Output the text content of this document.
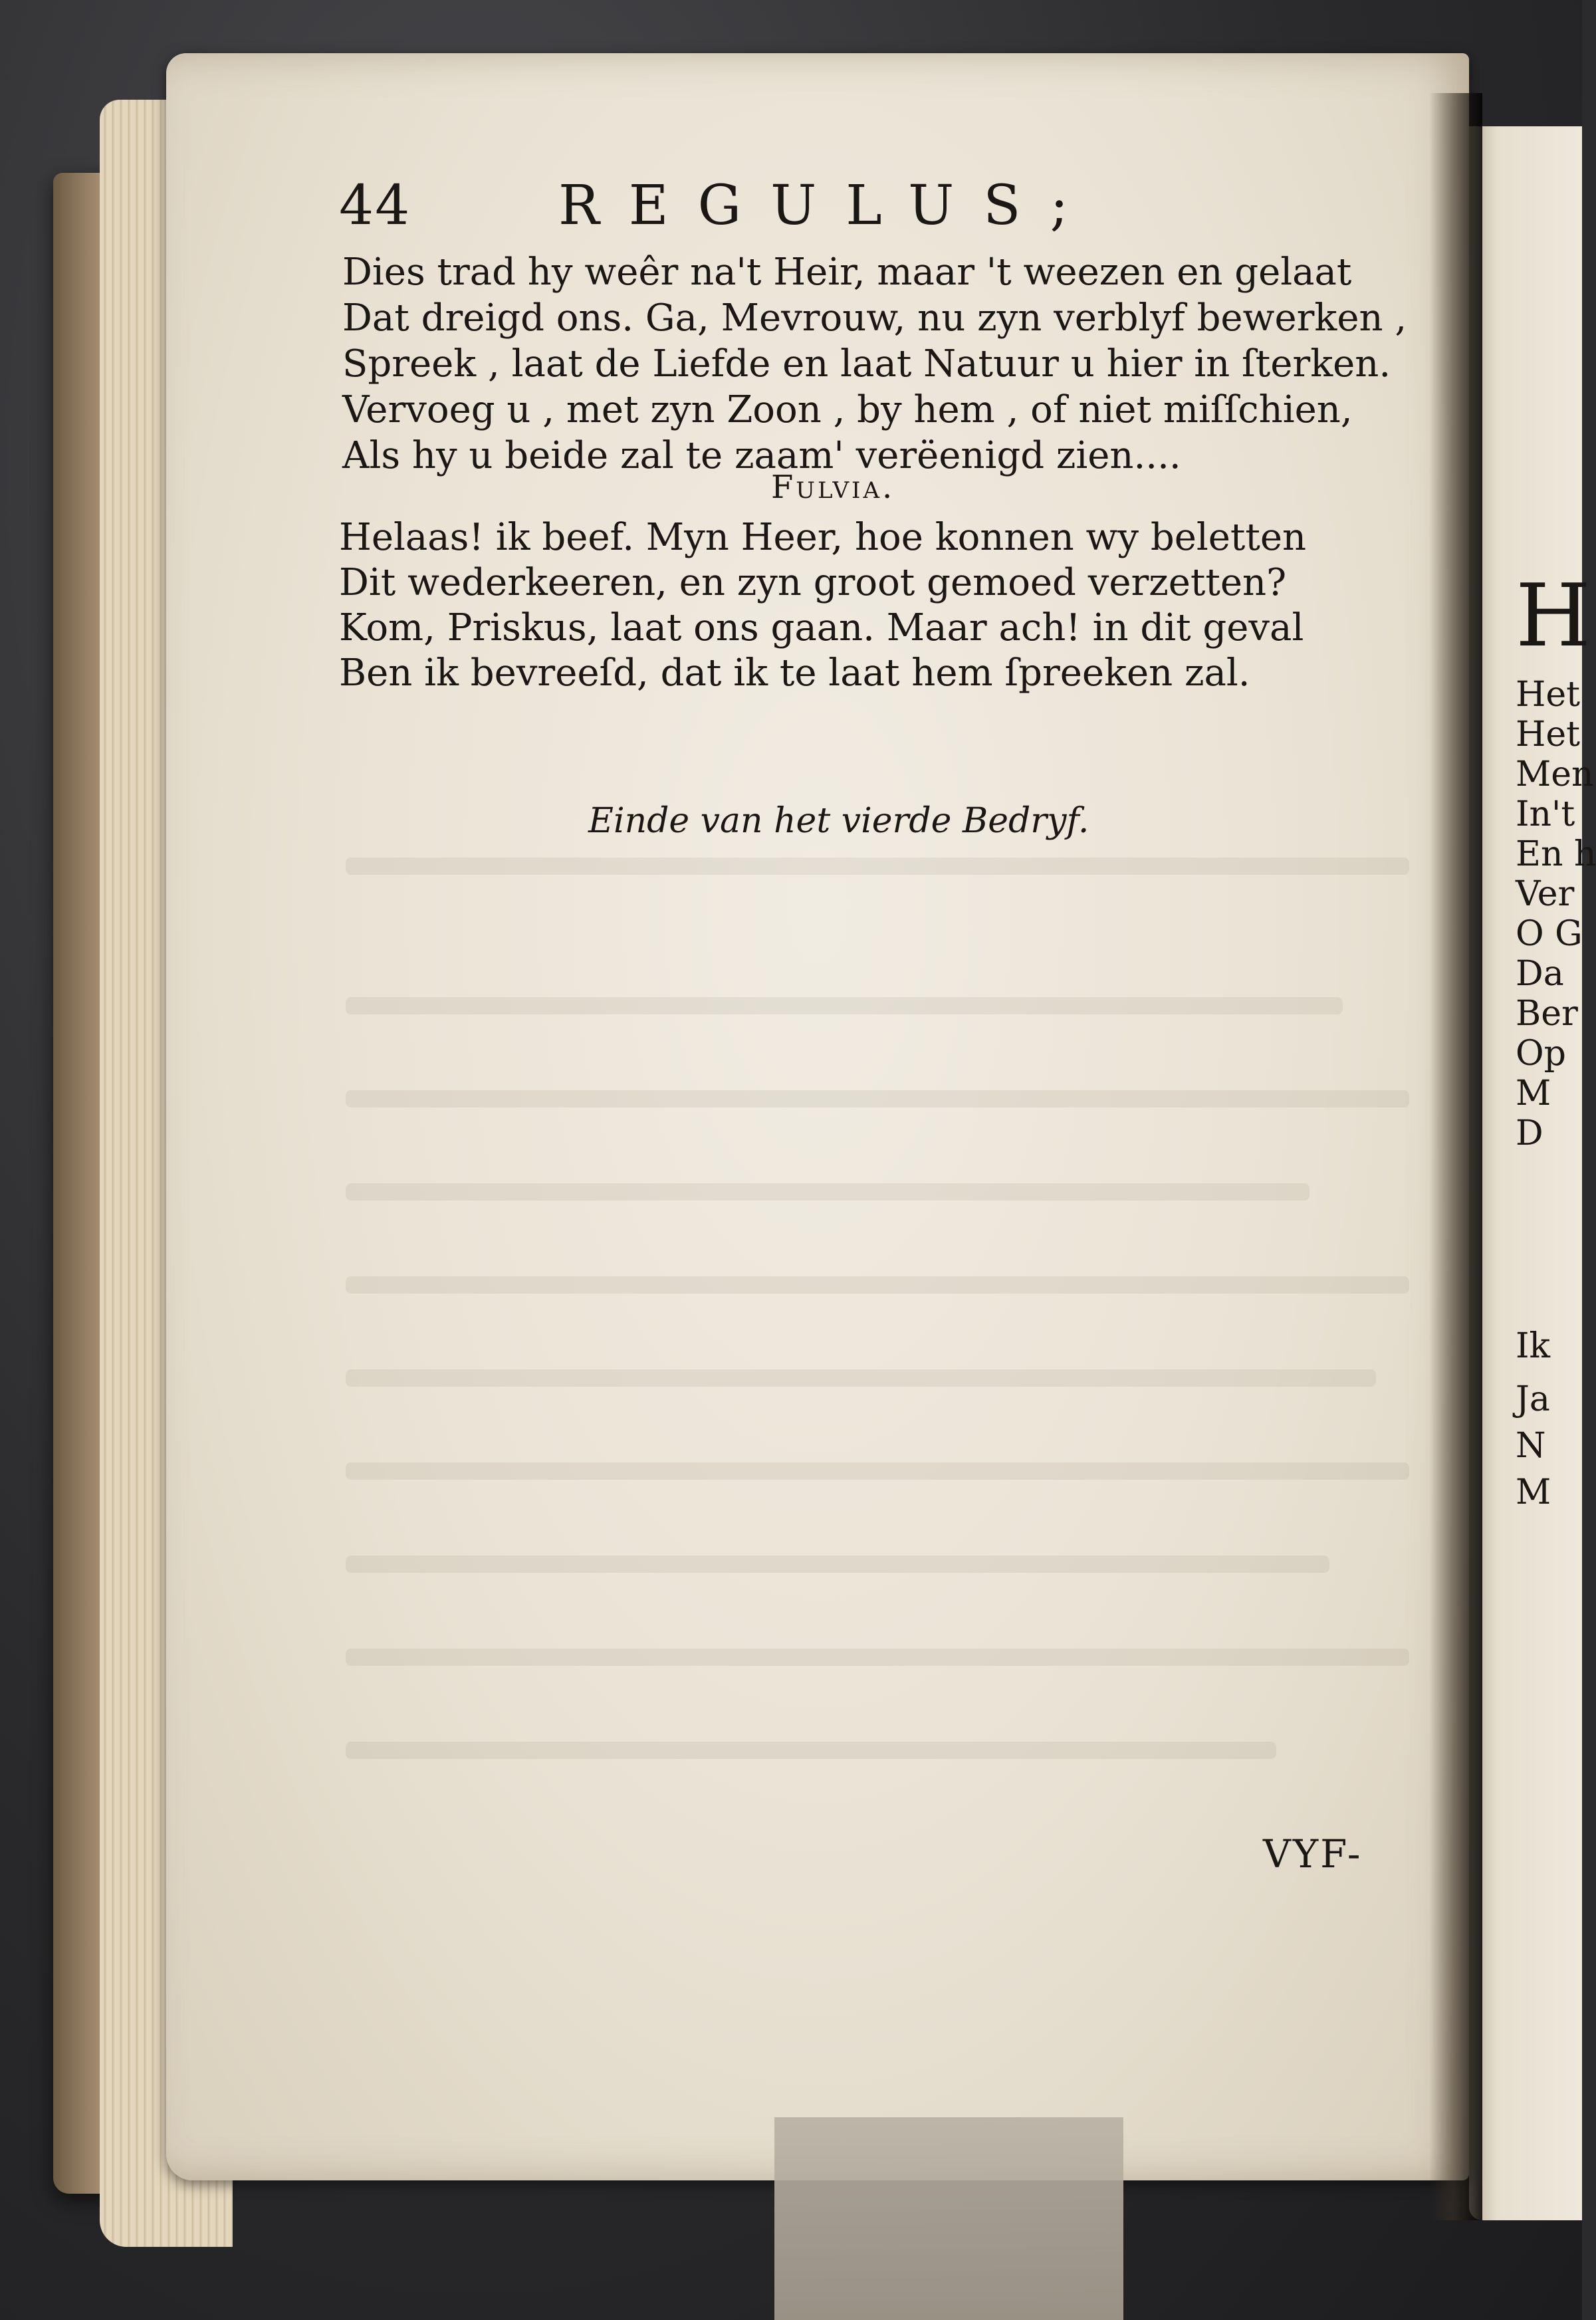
44	REGULUS;
Dies trad hy weêr na't Heir, maar 't weezen en gelaat
Dat dreigd ons. Ga, Mevrouw, nu zyn verblyf bewerken ,
Spreek , laat de Liefde en laat Natuur u hier in ſterken.
Vervoeg u , met zyn Zoon , by hem , of niet miſſchien,
Als hy u beide zal te zaam' verëenigd zien....
Fulvia.
Helaas! ik beef. Myn Heer, hoe konnen wy beletten
Dit wederkeeren, en zyn groot gemoed verzetten?
Kom, Priskus, laat ons gaan. Maar ach! in dit geval
Ben ik bevreeſd, dat ik te laat hem ſpreeken zal.
Einde van het vierde Bedryf.
VYF-
H
Het
Het
Men
In't
En h
Ver
O G
Da
Ber
Op
M
D
Ik
Ja
N
M
